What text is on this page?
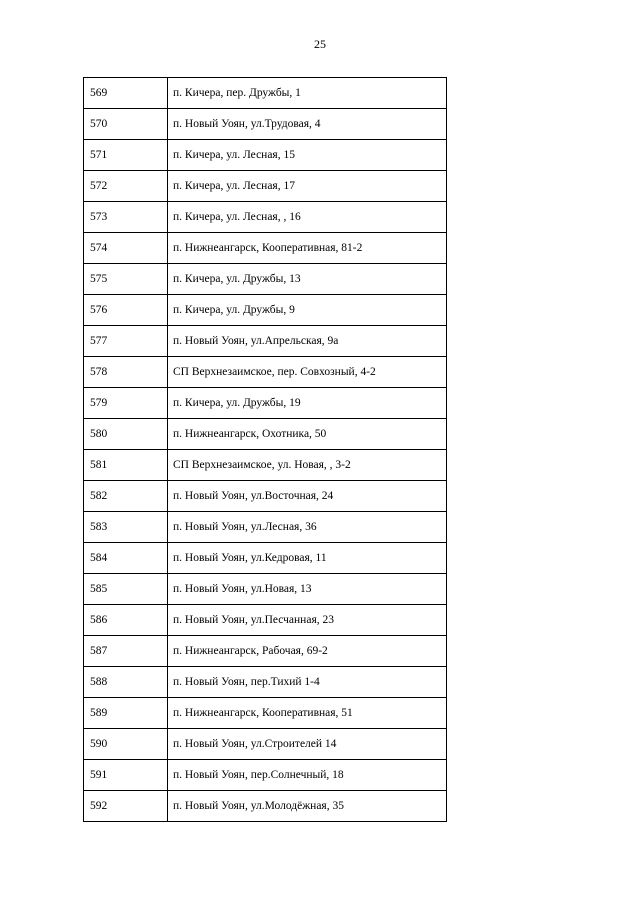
25
569	п. Кичера, пер. Дружбы, 1
570	п. Новый Уоян, ул.Трудовая, 4
571	п. Кичера, ул. Лесная, 15
572	п. Кичера, ул. Лесная, 17
573	п. Кичера, ул. Лесная, , 16
574	п. Нижнеангарск, Кооперативная, 81-2
575	п. Кичера, ул. Дружбы, 13
576	п. Кичера, ул. Дружбы, 9
577	п. Новый Уоян, ул.Апрельская, 9а
578	СП Верхнезаимское, пер. Совхозный, 4-2
579	п. Кичера, ул. Дружбы, 19
580	п. Нижнеангарск, Охотника, 50
581	СП Верхнезаимское, ул. Новая, , 3-2
582	п. Новый Уоян, ул.Восточная, 24
583	п. Новый Уоян, ул.Лесная, 36
584	п. Новый Уоян, ул.Кедровая, 11
585	п. Новый Уоян, ул.Новая, 13
586	п. Новый Уоян, ул.Песчанная, 23
587	п. Нижнеангарск, Рабочая, 69-2
588	п. Новый Уоян, пер.Тихий 1-4
589	п. Нижнеангарск, Кооперативная, 51
590	п. Новый Уоян, ул.Строителей 14
591	п. Новый Уоян, пер.Солнечный, 18
592	п. Новый Уоян, ул.Молодёжная, 35
